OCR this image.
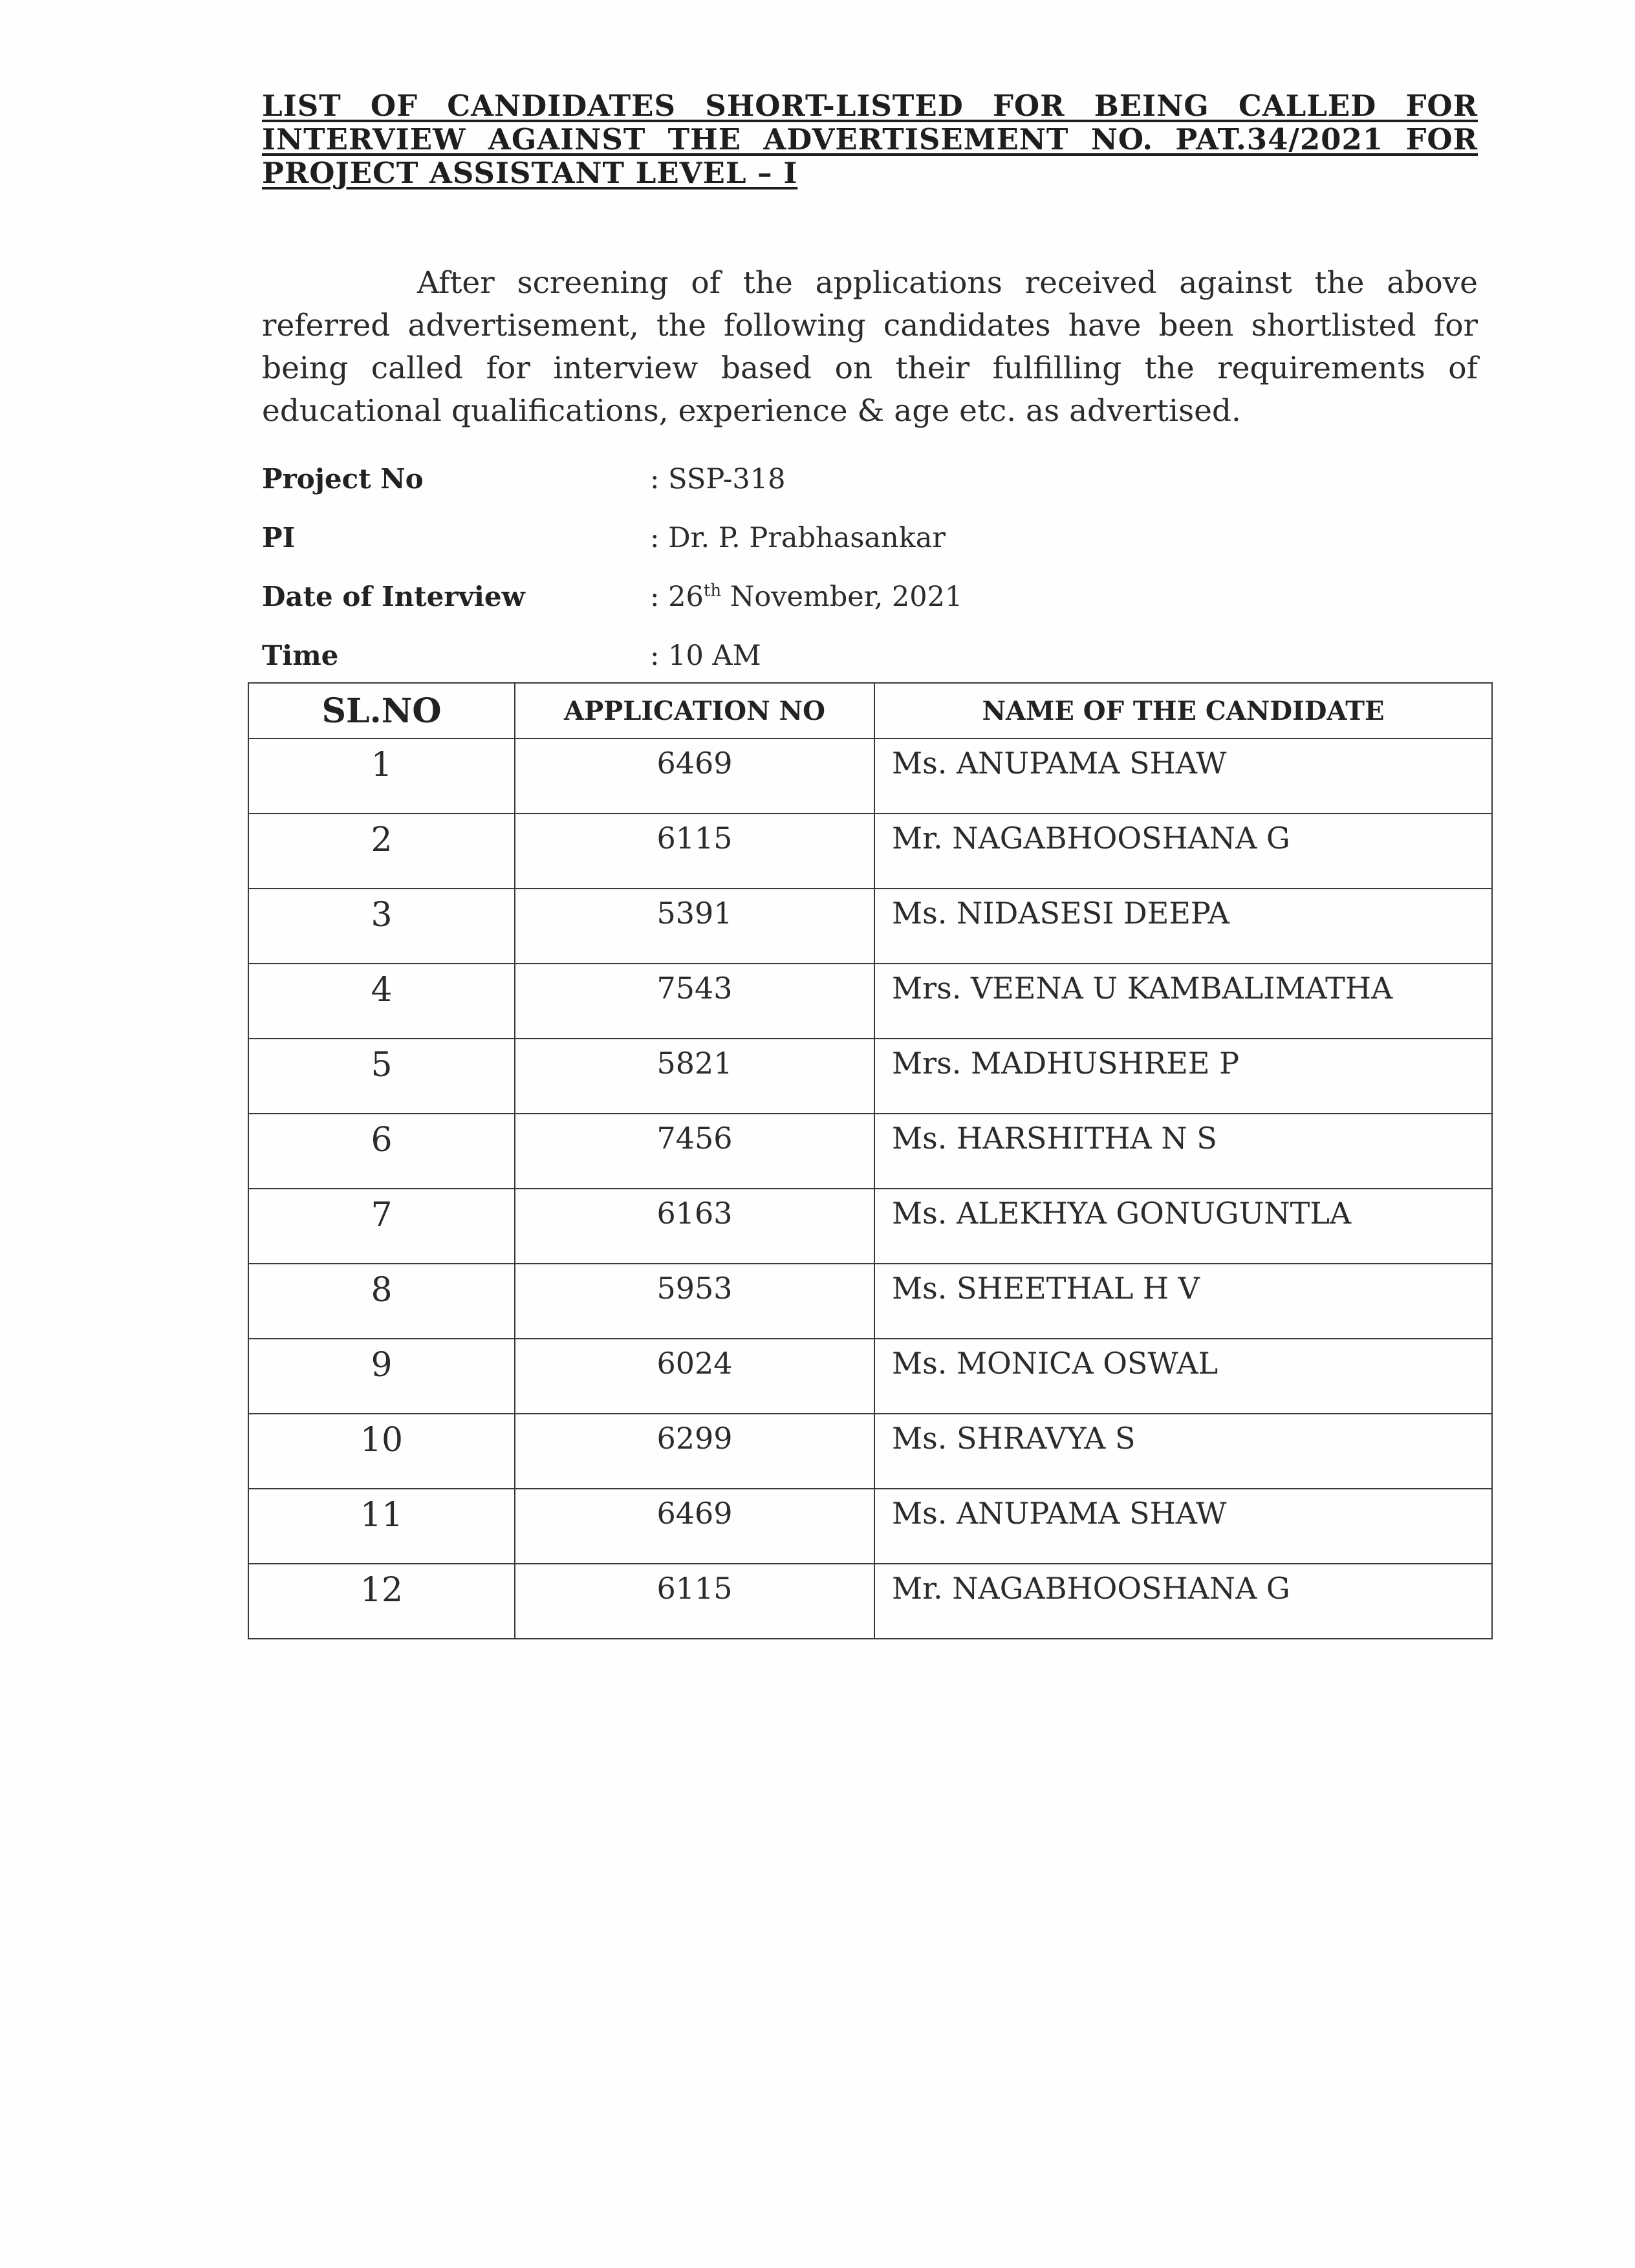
LIST OF CANDIDATES SHORT-LISTED FOR BEING CALLED FOR
INTERVIEW AGAINST THE ADVERTISEMENT NO. PAT.34/2021 FOR
PROJECT ASSISTANT LEVEL – I
After screening of the applications received against the above referred advertisement, the following candidates have been shortlisted for being called for interview based on their fulfilling the requirements of educational qualifications, experience & age etc. as advertised.
Project No	: SSP-318
PI	: Dr. P. Prabhasankar
Date of Interview	: 26th November, 2021
Time	: 10 AM
SL.NO	APPLICATION NO	NAME OF THE CANDIDATE
1	6469	Ms. ANUPAMA SHAW
2	6115	Mr. NAGABHOOSHANA G
3	5391	Ms. NIDASESI DEEPA
4	7543	Mrs. VEENA U KAMBALIMATHA
5	5821	Mrs. MADHUSHREE P
6	7456	Ms. HARSHITHA N S
7	6163	Ms. ALEKHYA GONUGUNTLA
8	5953	Ms. SHEETHAL H V
9	6024	Ms. MONICA OSWAL
10	6299	Ms. SHRAVYA S
11	6469	Ms. ANUPAMA SHAW
12	6115	Mr. NAGABHOOSHANA G
